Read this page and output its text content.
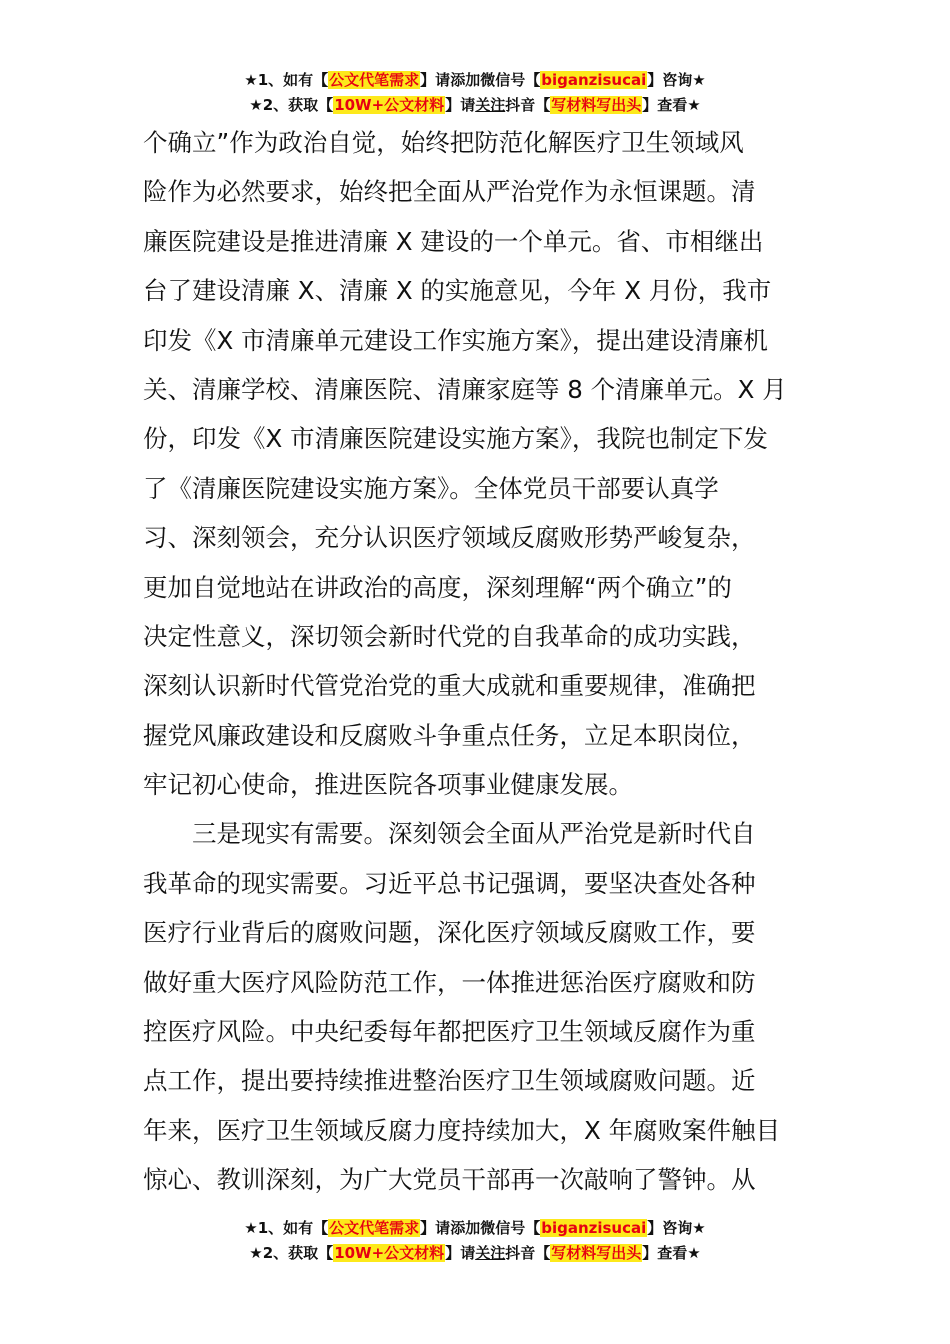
★1、如有【公文代笔需求】请添加微信号【biganzisucai】咨询★
★2、获取【10W+公文材料】请关注抖音【写材料写出头】查看★
个确立”作为政治自觉，始终把防范化解医疗卫生领域风
险作为必然要求，始终把全面从严治党作为永恒课题。清
廉医院建设是推进清廉 X 建设的一个单元。省、市相继出
台了建设清廉 X、清廉 X 的实施意见，今年 X 月份，我市
印发《X 市清廉单元建设工作实施方案》，提出建设清廉机
关、清廉学校、清廉医院、清廉家庭等 8 个清廉单元。X 月
份，印发《X 市清廉医院建设实施方案》，我院也制定下发
了《清廉医院建设实施方案》。全体党员干部要认真学
习、深刻领会，充分认识医疗领域反腐败形势严峻复杂，
更加自觉地站在讲政治的高度，深刻理解“两个确立”的
决定性意义，深切领会新时代党的自我革命的成功实践，
深刻认识新时代管党治党的重大成就和重要规律，准确把
握党风廉政建设和反腐败斗争重点任务，立足本职岗位，
牢记初心使命，推进医院各项事业健康发展。
三是现实有需要。深刻领会全面从严治党是新时代自
我革命的现实需要。习近平总书记强调，要坚决查处各种
医疗行业背后的腐败问题，深化医疗领域反腐败工作，要
做好重大医疗风险防范工作，一体推进惩治医疗腐败和防
控医疗风险。中央纪委每年都把医疗卫生领域反腐作为重
点工作，提出要持续推进整治医疗卫生领域腐败问题。近
年来，医疗卫生领域反腐力度持续加大，X 年腐败案件触目
惊心、教训深刻，为广大党员干部再一次敲响了警钟。从
★1、如有【公文代笔需求】请添加微信号【biganzisucai】咨询★
★2、获取【10W+公文材料】请关注抖音【写材料写出头】查看★
